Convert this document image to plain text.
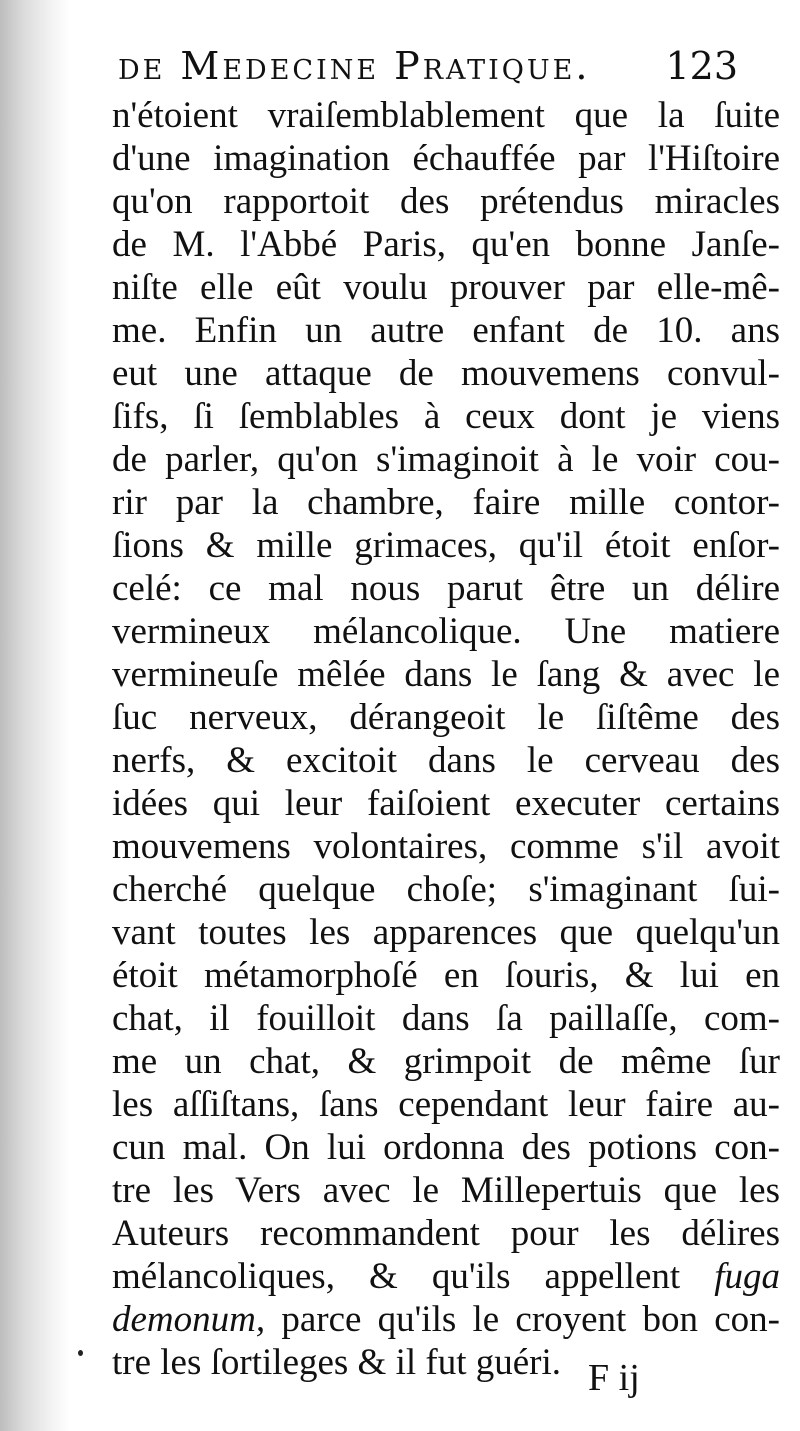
de Medecine Pratique. 123
n'étoient vraiſemblablement que la ſuite
d'une imagination échauffée par l'Hiſtoire
qu'on rapportoit des prétendus miracles
de M. l'Abbé Paris, qu'en bonne Janſe-
niſte elle eût voulu prouver par elle-mê-
me. Enfin un autre enfant de 10. ans
eut une attaque de mouvemens convul-
ſifs, ſi ſemblables à ceux dont je viens
de parler, qu'on s'imaginoit à le voir cou-
rir par la chambre, faire mille contor-
ſions & mille grimaces, qu'il étoit enſor-
celé: ce mal nous parut être un délire
vermineux mélancolique. Une matiere
vermineuſe mêlée dans le ſang & avec le
ſuc nerveux, dérangeoit le ſiſtême des
nerfs, & excitoit dans le cerveau des
idées qui leur faiſoient executer certains
mouvemens volontaires, comme s'il avoit
cherché quelque choſe; s'imaginant ſui-
vant toutes les apparences que quelqu'un
étoit métamorphoſé en ſouris, & lui en
chat, il fouilloit dans ſa paillaſſe, com-
me un chat, & grimpoit de même ſur
les aſſiſtans, ſans cependant leur faire au-
cun mal. On lui ordonna des potions con-
tre les Vers avec le Millepertuis que les
Auteurs recommandent pour les délires
mélancoliques, & qu'ils appellent fuga
demonum, parce qu'ils le croyent bon con-
tre les ſortileges & il fut guéri. F ij
